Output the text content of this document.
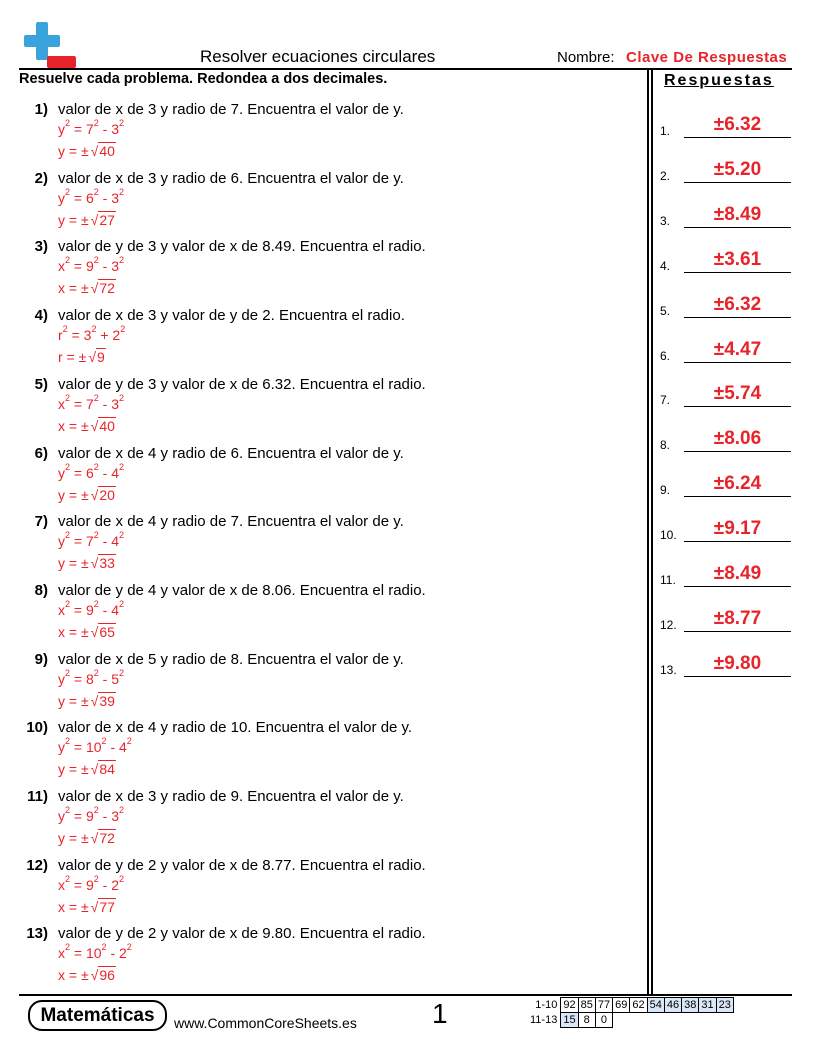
Resolver ecuaciones circulares	Nombre: Clave De Respuestas
Resuelve cada problema. Redondea a dos decimales.	Respuestas
1) valor de x de 3 y radio de 7. Encuentra el valor de y.
$y^2 = 7^2 - 3^2$
y = ± √40
2) valor de x de 3 y radio de 6. Encuentra el valor de y.
$y^2 = 6^2 - 3^2$
y = ± √27
3) valor de y de 3 y valor de x de 8.49. Encuentra el radio.
$x^2 = 9^2 - 3^2$
x = ± √72
4) valor de x de 3 y valor de y de 2. Encuentra el radio.
$r^2 = 3^2 + 2^2$
r = ± √9
5) valor de y de 3 y valor de x de 6.32. Encuentra el radio.
$x^2 = 7^2 - 3^2$
x = ± √40
6) valor de x de 4 y radio de 6. Encuentra el valor de y.
$y^2 = 6^2 - 4^2$
y = ± √20
7) valor de x de 4 y radio de 7. Encuentra el valor de y.
$y^2 = 7^2 - 4^2$
y = ± √33
8) valor de y de 4 y valor de x de 8.06. Encuentra el radio.
$x^2 = 9^2 - 4^2$
x = ± √65
9) valor de x de 5 y radio de 8. Encuentra el valor de y.
$y^2 = 8^2 - 5^2$
y = ± √39
10) valor de x de 4 y radio de 10. Encuentra el valor de y.
$y^2 = 10^2 - 4^2$
y = ± √84
11) valor de x de 3 y radio de 9. Encuentra el valor de y.
$y^2 = 9^2 - 3^2$
y = ± √72
12) valor de y de 2 y valor de x de 8.77. Encuentra el radio.
$x^2 = 9^2 - 2^2$
x = ± √77
13) valor de y de 2 y valor de x de 9.80. Encuentra el radio.
$x^2 = 10^2 - 2^2$
x = ± √96
1.	±6.32
2.	±5.20
3.	±8.49
4.	±3.61
5.	±6.32
6.	±4.47
7.	±5.74
8.	±8.06
9.	±6.24
10.	±9.17
11.	±8.49
12.	±8.77
13.	±9.80
Matemáticas	www.CommonCoreSheets.es	1	1-10	92	85	77	69	62	54	46	38	31	23
11-13	15	8	0							
